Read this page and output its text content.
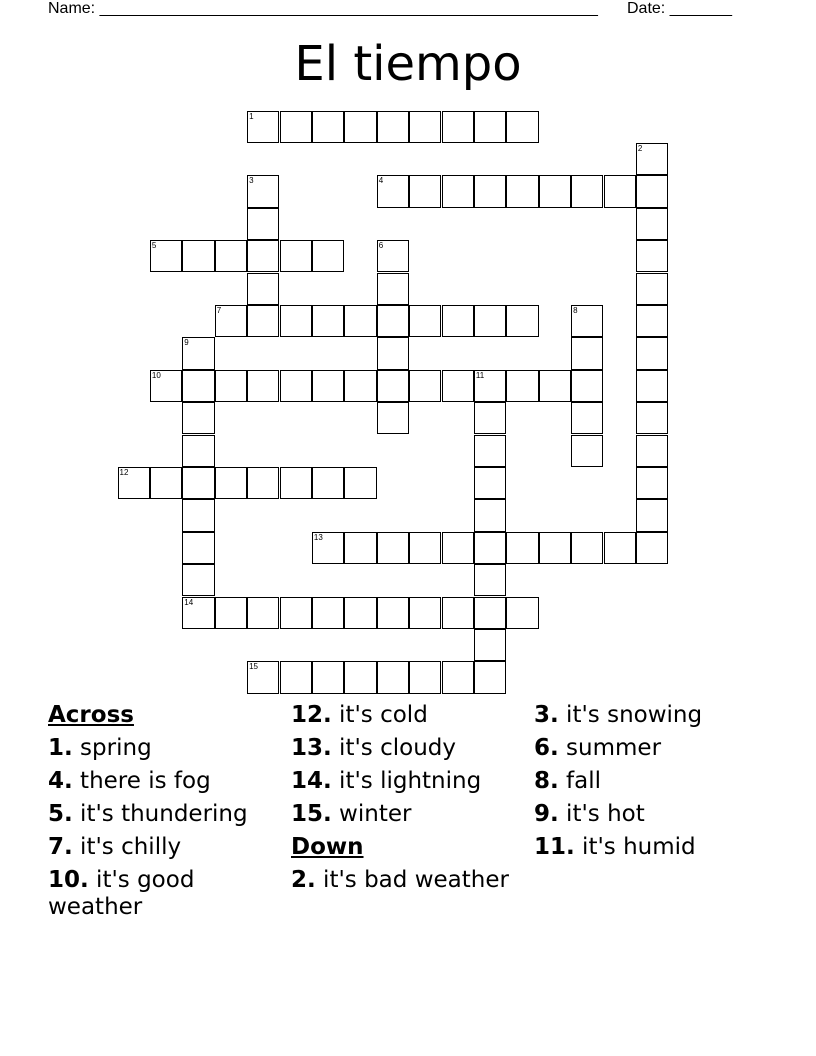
Name: ________________________________________________________ Date: _______
El tiempo
1
2
3	4
5	6
7	8
9
10	11
12
13
14
15
Across
1. spring
4. there is fog
5. it's thundering
7. it's chilly
10. it's good weather
12. it's cold
13. it's cloudy
14. it's lightning
15. winter
Down
2. it's bad weather
3. it's snowing
6. summer
8. fall
9. it's hot
11. it's humid
